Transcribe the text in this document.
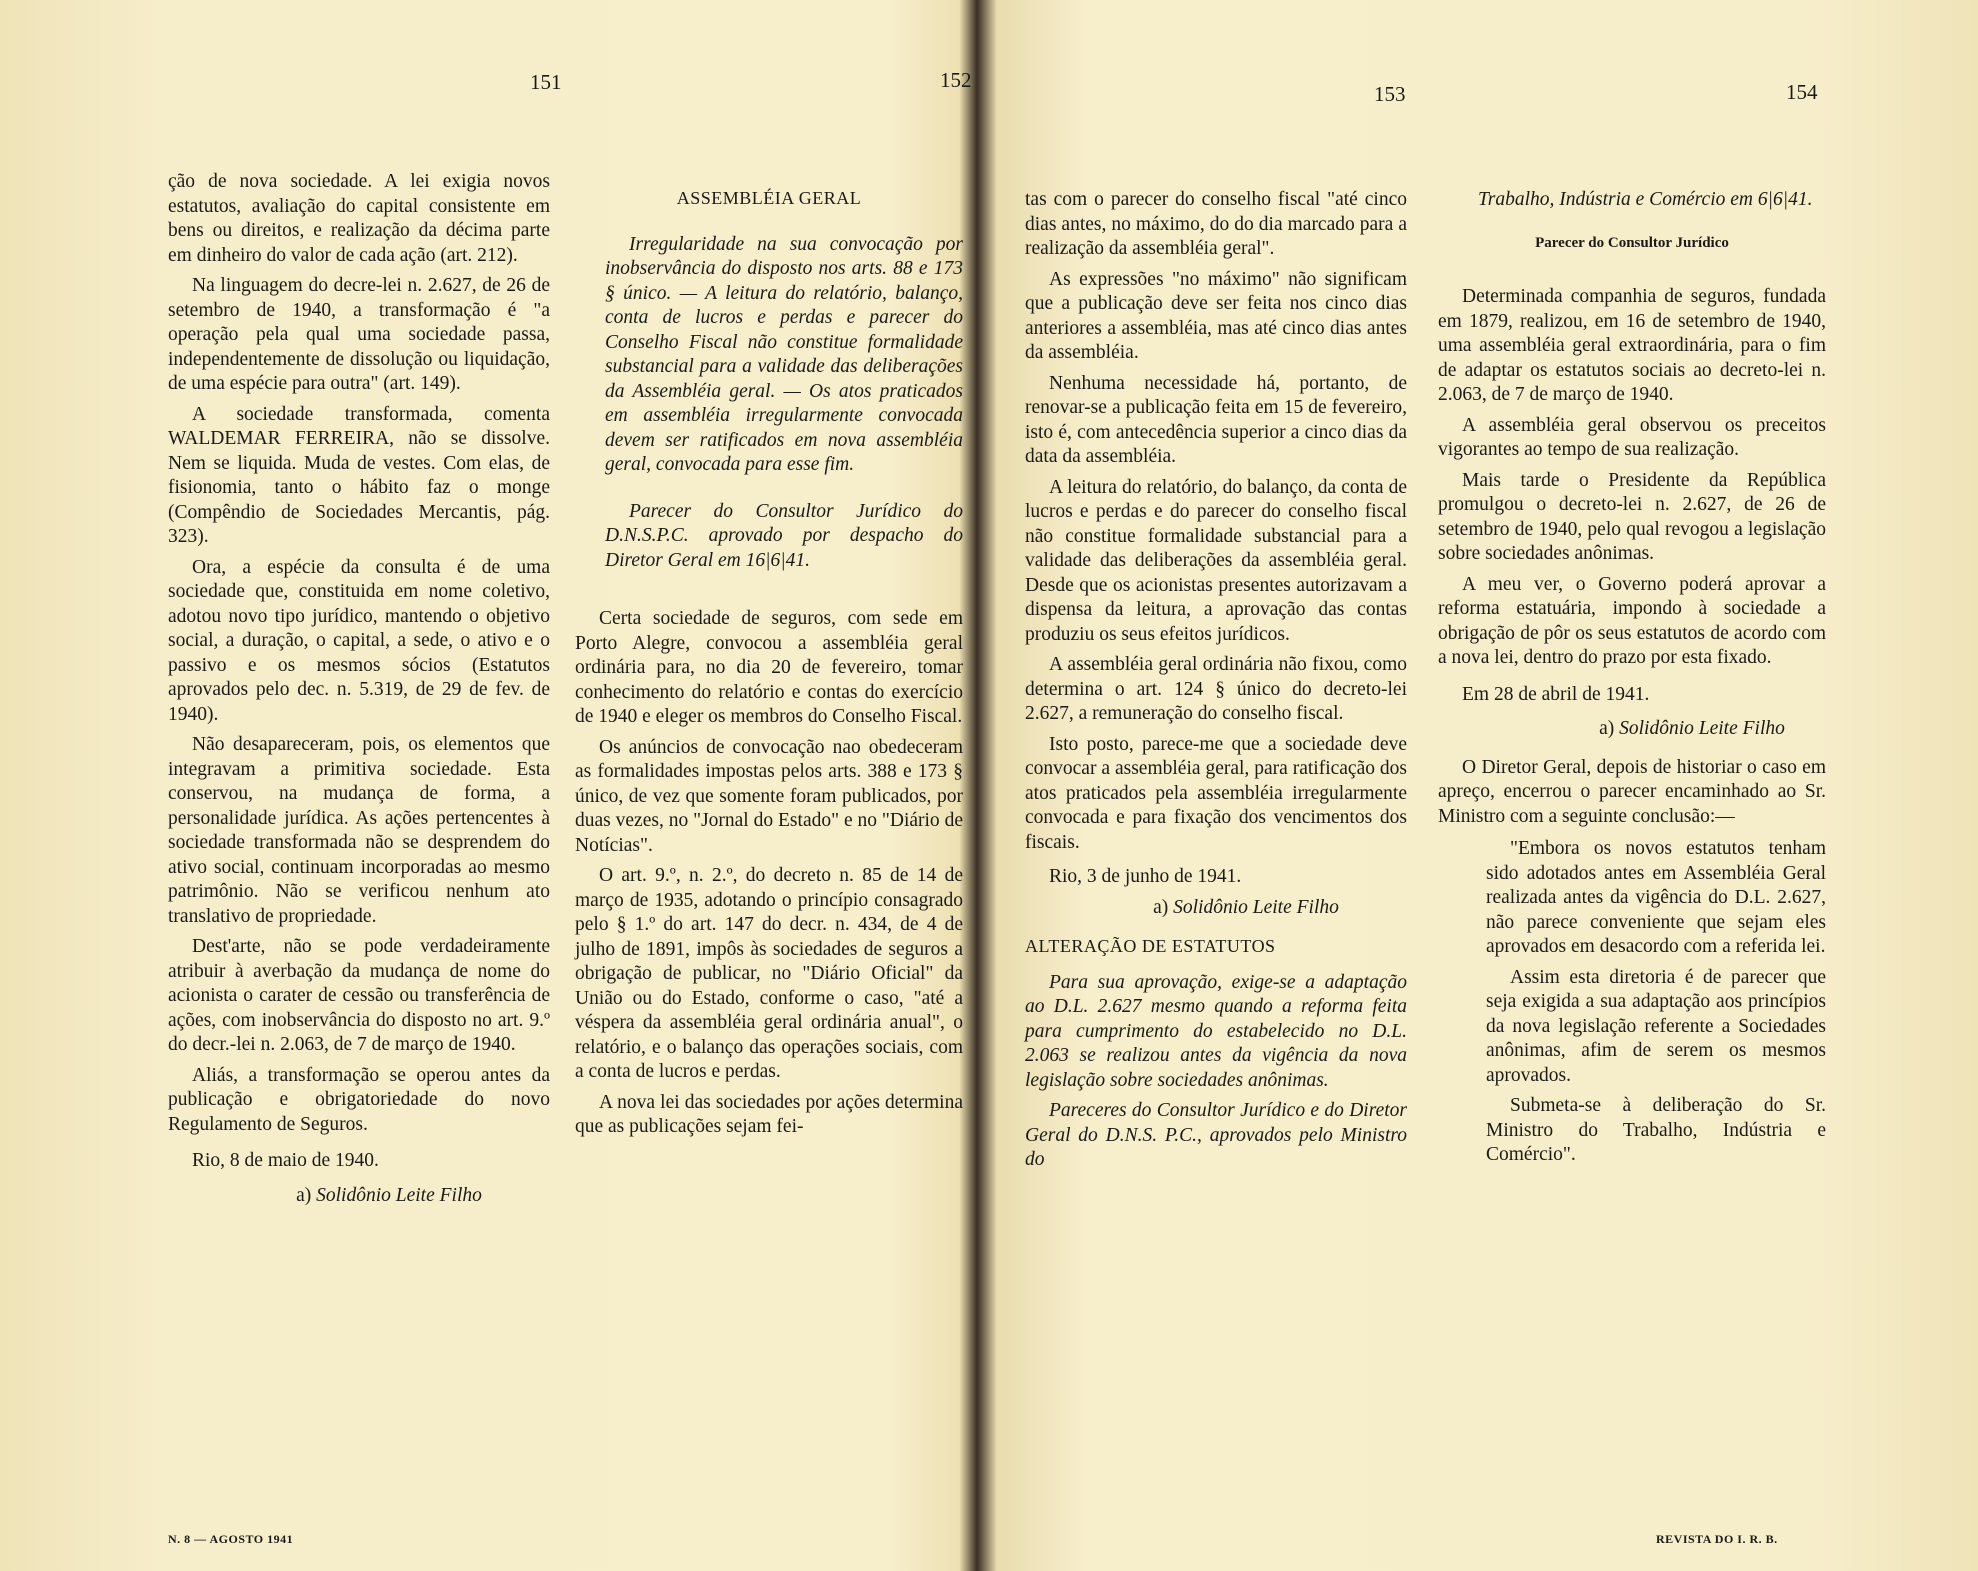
151	152
153	154

ção de nova sociedade. A lei exigia novos estatutos, avaliação do capital consistente em bens ou direitos, e realização da décima parte em dinheiro do valor de cada ação (art. 212).

Na linguagem do decre-lei n. 2.627, de 26 de setembro de 1940, a transformação é "a operação pela qual uma sociedade passa, independentemente de dissolução ou liquidação, de uma espécie para outra" (art. 149).

A sociedade transformada, comenta WALDEMAR FERREIRA, não se dissolve. Nem se liquida. Muda de vestes. Com elas, de fisionomia, tanto o hábito faz o monge (Compêndio de Sociedades Mercantis, pág. 323).

Ora, a espécie da consulta é de uma sociedade que, constituida em nome coletivo, adotou novo tipo jurídico, mantendo o objetivo social, a duração, o capital, a sede, o ativo e o passivo e os mesmos sócios (Estatutos aprovados pelo dec. n. 5.319, de 29 de fev. de 1940).

Não desapareceram, pois, os elementos que integravam a primitiva sociedade. Esta conservou, na mudança de forma, a personalidade jurídica. As ações pertencentes à sociedade transformada não se desprendem do ativo social, continuam incorporadas ao mesmo patrimônio. Não se verificou nenhum ato translativo de propriedade.

Dest'arte, não se pode verdadeiramente atribuir à averbação da mudança de nome do acionista o carater de cessão ou transferência de ações, com inobservância do disposto no art. 9.º do decr.-lei n. 2.063, de 7 de março de 1940.

Aliás, a transformação se operou antes da publicação e obrigatoriedade do novo Regulamento de Seguros.

Rio, 8 de maio de 1940.

a) Solidônio Leite Filho

ASSEMBLÉIA GERAL

Irregularidade na sua convocação por inobservância do disposto nos arts. 88 e 173 § único. — A leitura do relatório, balanço, conta de lucros e perdas e parecer do Conselho Fiscal não constitue formalidade substancial para a validade das deliberações da Assembléia geral. — Os atos praticados em assembléia irregularmente convocada devem ser ratificados em nova assembléia geral, convocada para esse fim.

Parecer do Consultor Jurídico do D.N.S.P.C. aprovado por despacho do Diretor Geral em 16|6|41.

Certa sociedade de seguros, com sede em Porto Alegre, convocou a assembléia geral ordinária para, no dia 20 de fevereiro, tomar conhecimento do relatório e contas do exercício de 1940 e eleger os membros do Conselho Fiscal.

Os anúncios de convocação nao obedeceram as formalidades impostas pelos arts. 388 e 173 § único, de vez que somente foram publicados, por duas vezes, no "Jornal do Estado" e no "Diário de Notícias".

O art. 9.º, n. 2.º, do decreto n. 85 de 14 de março de 1935, adotando o princípio consagrado pelo § 1.º do art. 147 do decr. n. 434, de 4 de julho de 1891, impôs às sociedades de seguros a obrigação de publicar, no "Diário Oficial" da União ou do Estado, conforme o caso, "até a véspera da assembléia geral ordinária anual", o relatório, e o balanço das operações sociais, com a conta de lucros e perdas.

A nova lei das sociedades por ações determina que as publicações sejam fei-

tas com o parecer do conselho fiscal "até cinco dias antes, no máximo, do do dia marcado para a realização da assembléia geral".

As expressões "no máximo" não significam que a publicação deve ser feita nos cinco dias anteriores a assembléia, mas até cinco dias antes da assembléia.

Nenhuma necessidade há, portanto, de renovar-se a publicação feita em 15 de fevereiro, isto é, com antecedência superior a cinco dias da data da assembléia.

A leitura do relatório, do balanço, da conta de lucros e perdas e do parecer do conselho fiscal não constitue formalidade substancial para a validade das deliberações da assembléia geral. Desde que os acionistas presentes autorizavam a dispensa da leitura, a aprovação das contas produziu os seus efeitos jurídicos.

A assembléia geral ordinária não fixou, como determina o art. 124 § único do decreto-lei 2.627, a remuneração do conselho fiscal.

Isto posto, parece-me que a sociedade deve convocar a assembléia geral, para ratificação dos atos praticados pela assembléia irregularmente convocada e para fixação dos vencimentos dos fiscais.

Rio, 3 de junho de 1941.

a) Solidônio Leite Filho

ALTERAÇÃO DE ESTATUTOS

Para sua aprovação, exige-se a adaptação ao D.L. 2.627 mesmo quando a reforma feita para cumprimento do estabelecido no D.L. 2.063 se realizou antes da vigência da nova legislação sobre sociedades anônimas.

Pareceres do Consultor Jurídico e do Diretor Geral do D.N.S. P.C., aprovados pelo Ministro do

Trabalho, Indústria e Comércio em 6|6|41.

Parecer do Consultor Jurídico

Determinada companhia de seguros, fundada em 1879, realizou, em 16 de setembro de 1940, uma assembléia geral extraordinária, para o fim de adaptar os estatutos sociais ao decreto-lei n. 2.063, de 7 de março de 1940.

A assembléia geral observou os preceitos vigorantes ao tempo de sua realização.

Mais tarde o Presidente da República promulgou o decreto-lei n. 2.627, de 26 de setembro de 1940, pelo qual revogou a legislação sobre sociedades anônimas.

A meu ver, o Governo poderá aprovar a reforma estatuária, impondo à sociedade a obrigação de pôr os seus estatutos de acordo com a nova lei, dentro do prazo por esta fixado.

Em 28 de abril de 1941.

a) Solidônio Leite Filho

O Diretor Geral, depois de historiar o caso em apreço, encerrou o parecer encaminhado ao Sr. Ministro com a seguinte conclusão:—

"Embora os novos estatutos tenham sido adotados antes em Assembléia Geral realizada antes da vigência do D.L. 2.627, não parece conveniente que sejam eles aprovados em desacordo com a referida lei.

Assim esta diretoria é de parecer que seja exigida a sua adaptação aos princípios da nova legislação referente a Sociedades anônimas, afim de serem os mesmos aprovados.

Submeta-se à deliberação do Sr. Ministro do Trabalho, Indústria e Comércio".

N. 8 — AGOSTO 1941	REVISTA DO I. R. B.
